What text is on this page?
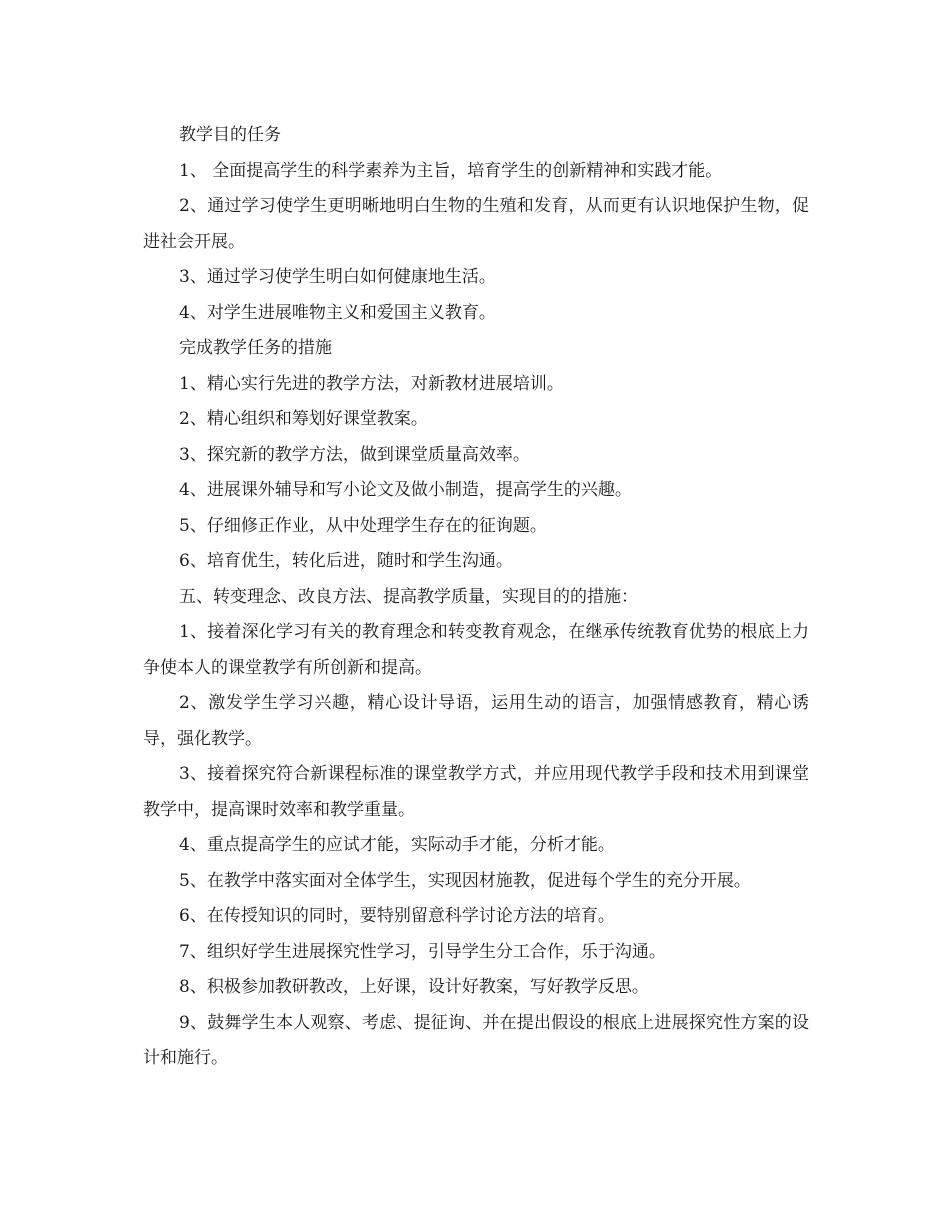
教学目的任务

1、 全面提高学生的科学素养为主旨，培育学生的创新精神和实践才能。

2、通过学习使学生更明晰地明白生物的生殖和发育，从而更有认识地保护生物，促进社会开展。

3、通过学习使学生明白如何健康地生活。

4、对学生进展唯物主义和爱国主义教育。

完成教学任务的措施

1、精心实行先进的教学方法，对新教材进展培训。

2、精心组织和筹划好课堂教案。

3、探究新的教学方法，做到课堂质量高效率。

4、进展课外辅导和写小论文及做小制造，提高学生的兴趣。

5、仔细修正作业，从中处理学生存在的征询题。

6、培育优生，转化后进，随时和学生沟通。

五、转变理念、改良方法、提高教学质量，实现目的的措施：

1、接着深化学习有关的教育理念和转变教育观念，在继承传统教育优势的根底上力争使本人的课堂教学有所创新和提高。

2、激发学生学习兴趣，精心设计导语，运用生动的语言，加强情感教育，精心诱导，强化教学。

3、接着探究符合新课程标准的课堂教学方式，并应用现代教学手段和技术用到课堂教学中，提高课时效率和教学重量。

4、重点提高学生的应试才能，实际动手才能，分析才能。

5、在教学中落实面对全体学生，实现因材施教，促进每个学生的充分开展。

6、在传授知识的同时，要特别留意科学讨论方法的培育。

7、组织好学生进展探究性学习，引导学生分工合作，乐于沟通。

8、积极参加教研教改，上好课，设计好教案，写好教学反思。

9、鼓舞学生本人观察、考虑、提征询、并在提出假设的根底上进展探究性方案的设计和施行。
